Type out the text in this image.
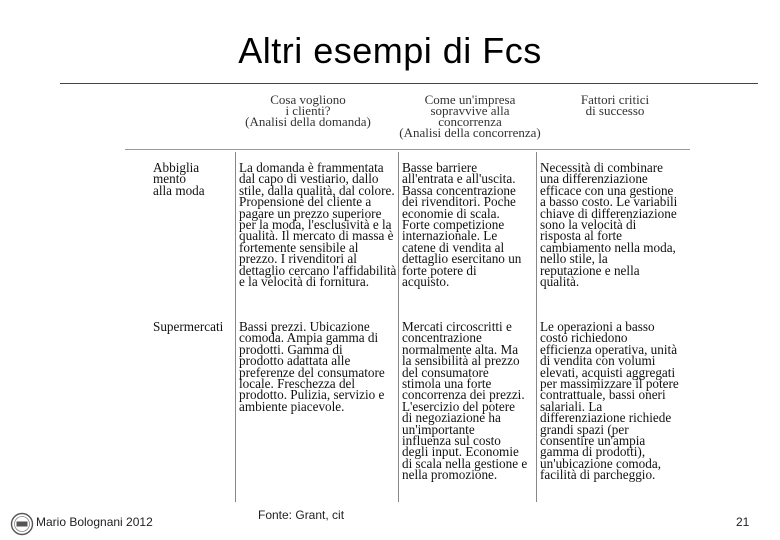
Altri esempi di Fcs
Cosa vogliono
i clienti?
(Analisi della domanda)
Come un'impresa
sopravvive alla
concorrenza
(Analisi della concorrenza)
Fattori critici
di successo
Abbiglia
mento
alla moda
La domanda è frammentata
dal capo di vestiario, dallo
stile, dalla qualità, dal colore.
Propensione del cliente a
pagare un prezzo superiore
per la moda, l'esclusività e la
qualità. Il mercato di massa è
fortemente sensibile al
prezzo. I rivenditori al
dettaglio cercano l'affidabilità
e la velocità di fornitura.
Basse barriere
all'entrata e all'uscita.
Bassa concentrazione
dei rivenditori. Poche
economie di scala.
Forte competizione
internazionale. Le
catene di vendita al
dettaglio esercitano un
forte potere di
acquisto.
Necessità di combinare
una differenziazione
efficace con una gestione
a basso costo. Le variabili
chiave di differenziazione
sono la velocità di
risposta al forte
cambiamento nella moda,
nello stile, la
reputazione e nella
qualità.
Supermercati Bassi prezzi. Ubicazione
comoda. Ampia gamma di
prodotti. Gamma di
prodotto adattata alle
preferenze del consumatore
locale. Freschezza del
prodotto. Pulizia, servizio e
ambiente piacevole.
Mercati circoscritti e
concentrazione
normalmente alta. Ma
la sensibilità al prezzo
del consumatore
stimola una forte
concorrenza dei prezzi.
L'esercizio del potere
di negoziazione ha
un'importante
influenza sul costo
degli input. Economie
di scala nella gestione e
nella promozione.
Le operazioni a basso
costo richiedono
efficienza operativa, unità
di vendita con volumi
elevati, acquisti aggregati
per massimizzare il potere
contrattuale, bassi oneri
salariali. La
differenziazione richiede
grandi spazi (per
consentire un'ampia
gamma di prodotti),
un'ubicazione comoda,
facilità di parcheggio.
Mario Bolognani 2012	Fonte: Grant, cit	21
